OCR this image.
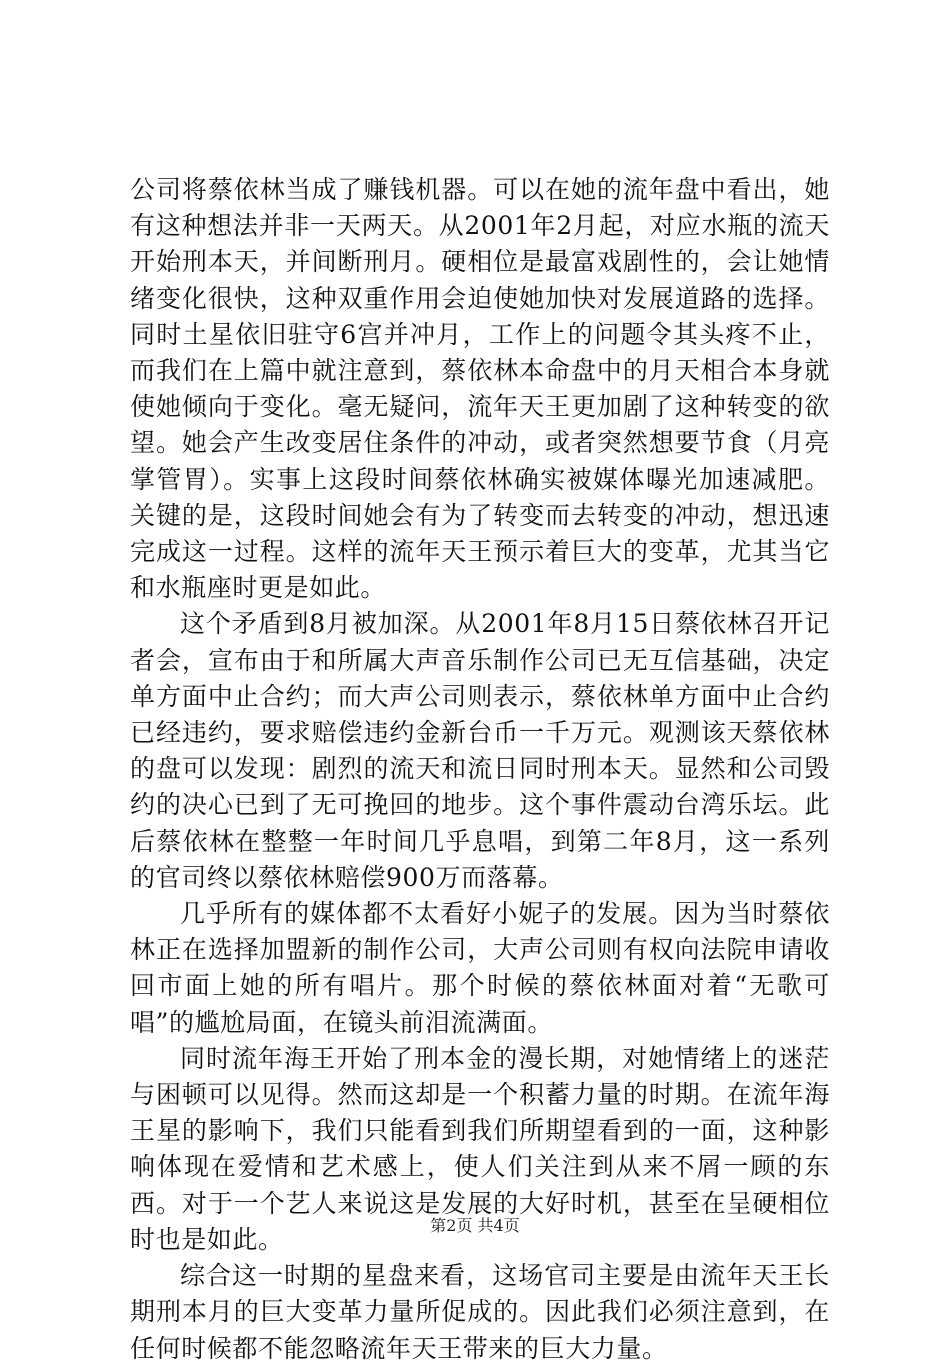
公司将蔡依林当成了赚钱机器。可以在她的流年盘中看出，她有这种想法并非一天两天。从2001年2月起，对应水瓶的流天开始刑本天，并间断刑月。硬相位是最富戏剧性的，会让她情绪变化很快，这种双重作用会迫使她加快对发展道路的选择。同时土星依旧驻守6宫并冲月，工作上的问题令其头疼不止，而我们在上篇中就注意到，蔡依林本命盘中的月天相合本身就使她倾向于变化。毫无疑问，流年天王更加剧了这种转变的欲望。她会产生改变居住条件的冲动，或者突然想要节食（月亮掌管胃）。实事上这段时间蔡依林确实被媒体曝光加速减肥。关键的是，这段时间她会有为了转变而去转变的冲动，想迅速完成这一过程。这样的流年天王预示着巨大的变革，尤其当它和水瓶座时更是如此。

这个矛盾到8月被加深。从2001年8月15日蔡依林召开记者会，宣布由于和所属大声音乐制作公司已无互信基础，决定单方面中止合约；而大声公司则表示，蔡依林单方面中止合约已经违约，要求赔偿违约金新台币一千万元。观测该天蔡依林的盘可以发现：剧烈的流天和流日同时刑本天。显然和公司毁约的决心已到了无可挽回的地步。这个事件震动台湾乐坛。此后蔡依林在整整一年时间几乎息唱，到第二年8月，这一系列的官司终以蔡依林赔偿900万而落幕。

几乎所有的媒体都不太看好小妮子的发展。因为当时蔡依林正在选择加盟新的制作公司，大声公司则有权向法院申请收回市面上她的所有唱片。那个时候的蔡依林面对着“无歌可唱”的尴尬局面，在镜头前泪流满面。

同时流年海王开始了刑本金的漫长期，对她情绪上的迷茫与困顿可以见得。然而这却是一个积蓄力量的时期。在流年海王星的影响下，我们只能看到我们所期望看到的一面，这种影响体现在爱情和艺术感上，使人们关注到从来不屑一顾的东西。对于一个艺人来说这是发展的大好时机，甚至在呈硬相位时也是如此。

综合这一时期的星盘来看，这场官司主要是由流年天王长期刑本月的巨大变革力量所促成的。因此我们必须注意到，在任何时候都不能忽略流年天王带来的巨大力量。

第2页 共4页
